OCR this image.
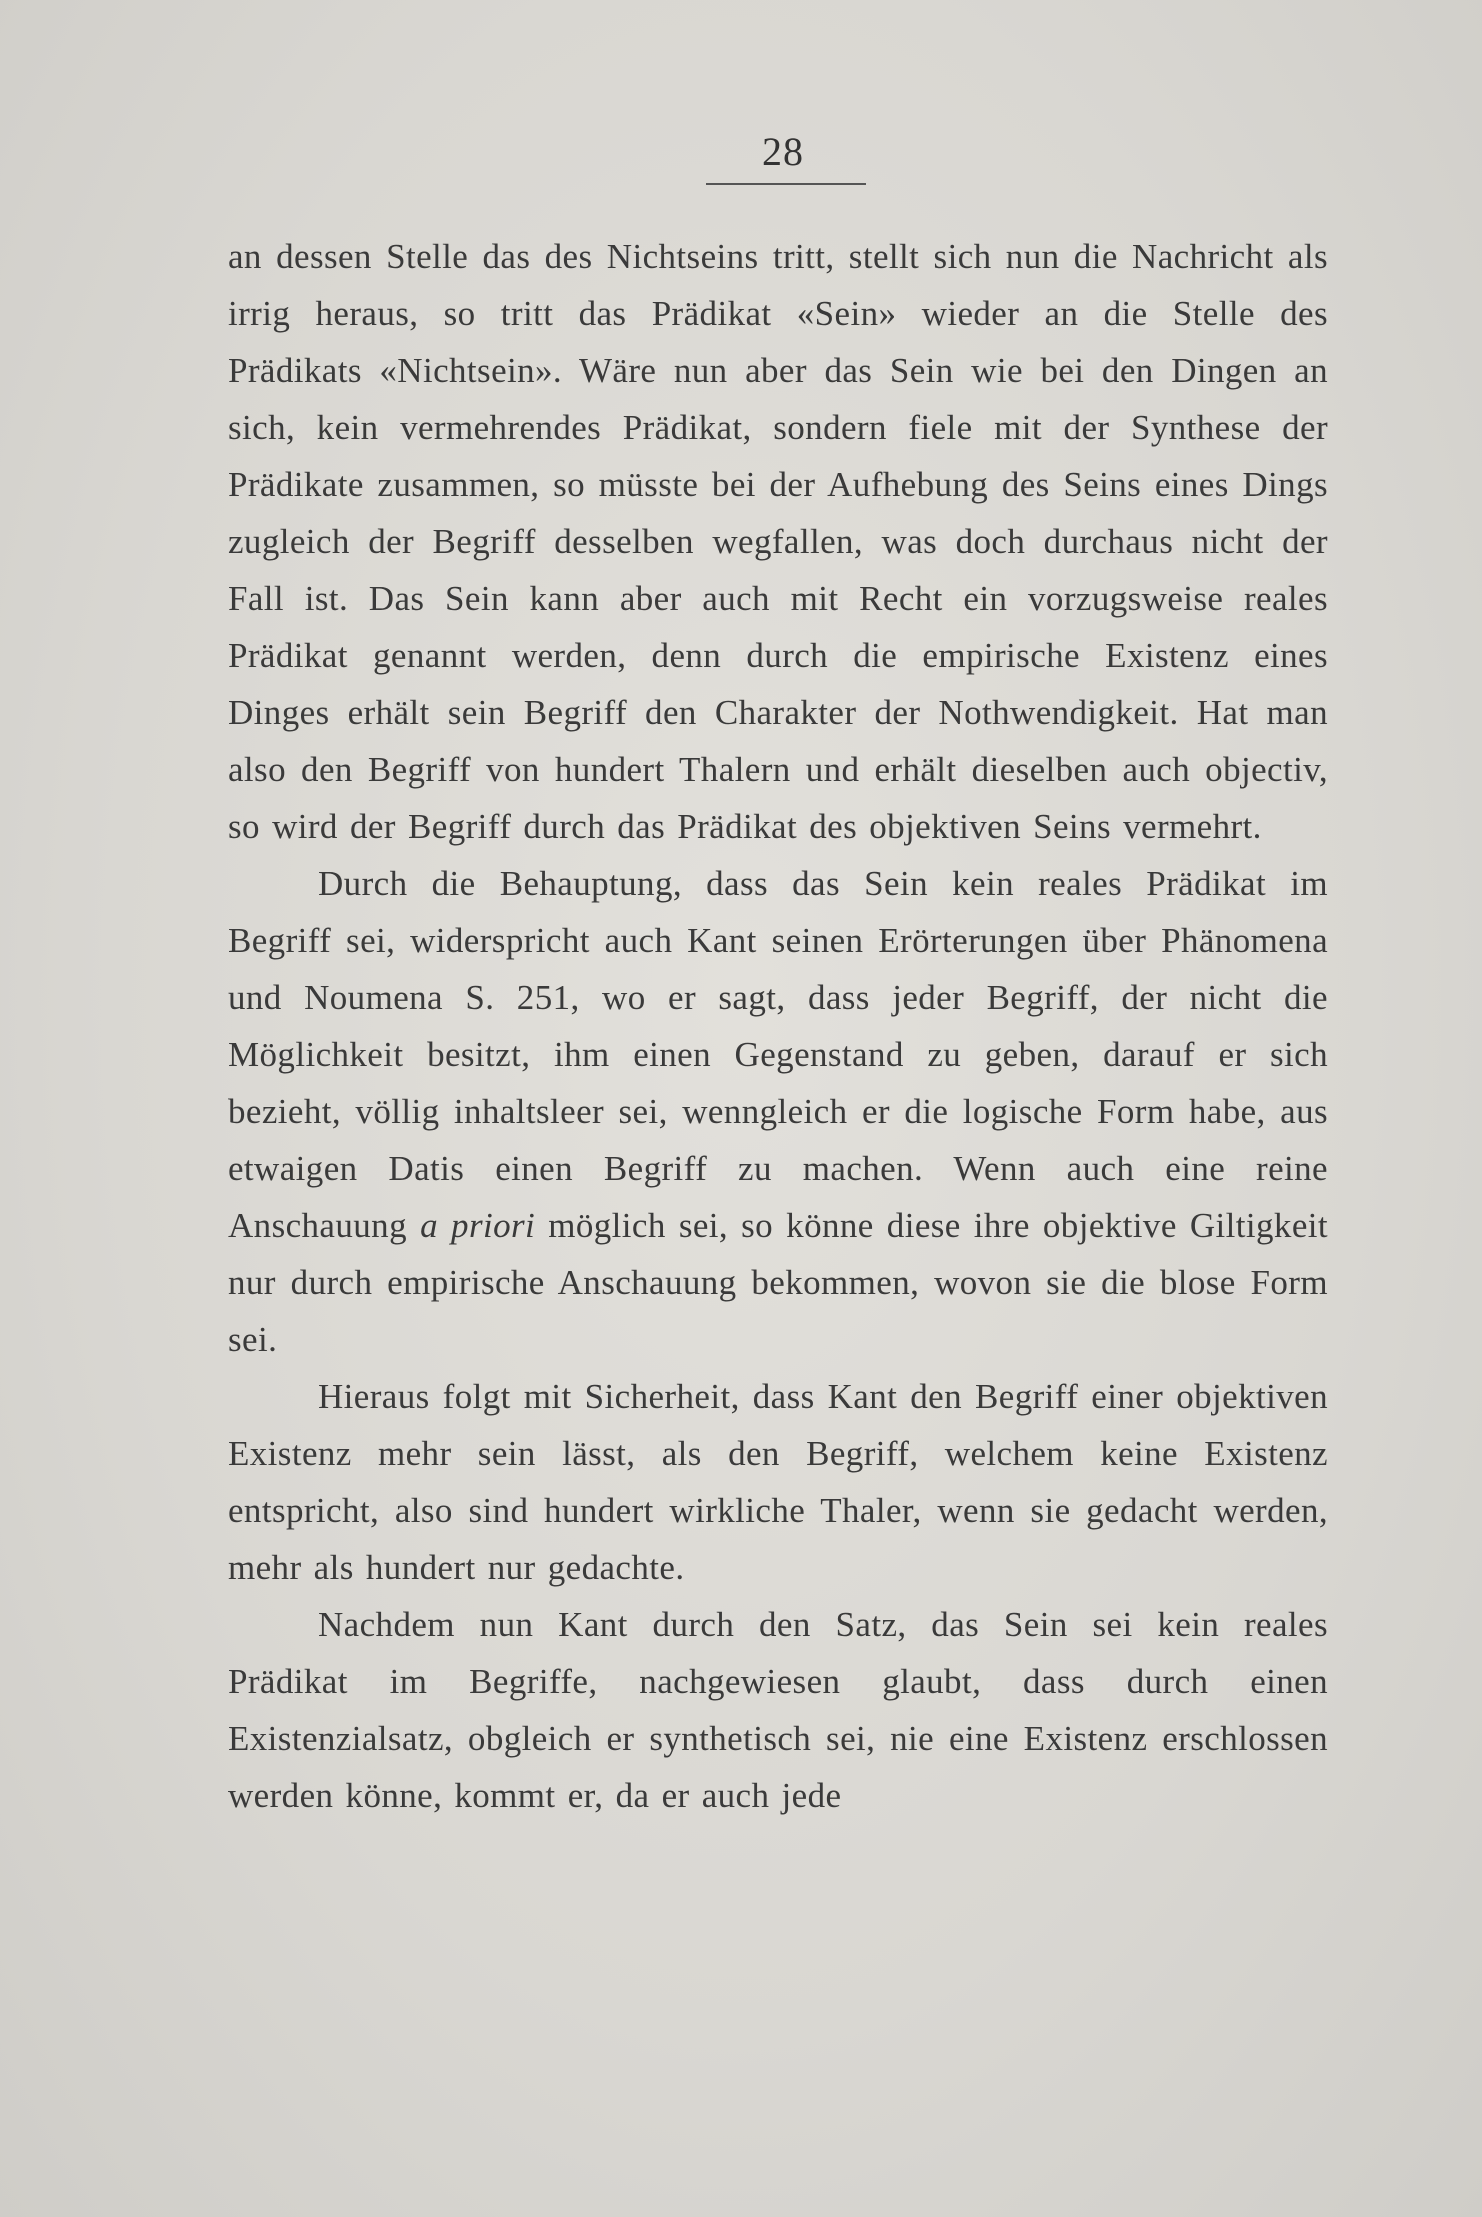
28

an dessen Stelle das des Nichtseins tritt, stellt sich nun die Nachricht als irrig heraus, so tritt das Prädikat «Sein» wieder an die Stelle des Prädikats «Nichtsein». Wäre nun aber das Sein wie bei den Dingen an sich, kein vermehrendes Prädikat, sondern fiele mit der Synthese der Prädikate zusammen, so müsste bei der Aufhebung des Seins eines Dings zugleich der Begriff desselben wegfallen, was doch durchaus nicht der Fall ist. Das Sein kann aber auch mit Recht ein vorzugsweise reales Prädikat genannt werden, denn durch die empirische Existenz eines Dinges erhält sein Begriff den Charakter der Nothwendigkeit. Hat man also den Begriff von hundert Thalern und erhält dieselben auch objectiv, so wird der Begriff durch das Prädikat des objektiven Seins vermehrt.

Durch die Behauptung, dass das Sein kein reales Prädikat im Begriff sei, widerspricht auch Kant seinen Erörterungen über Phänomena und Noumena S. 251, wo er sagt, dass jeder Begriff, der nicht die Möglichkeit besitzt, ihm einen Gegenstand zu geben, darauf er sich bezieht, völlig inhaltsleer sei, wenngleich er die logische Form habe, aus etwaigen Datis einen Begriff zu machen. Wenn auch eine reine Anschauung a priori möglich sei, so könne diese ihre objektive Giltigkeit nur durch empirische Anschauung bekommen, wovon sie die blose Form sei.

Hieraus folgt mit Sicherheit, dass Kant den Begriff einer objektiven Existenz mehr sein lässt, als den Begriff, welchem keine Existenz entspricht, also sind hundert wirkliche Thaler, wenn sie gedacht werden, mehr als hundert nur gedachte.

Nachdem nun Kant durch den Satz, das Sein sei kein reales Prädikat im Begriffe, nachgewiesen glaubt, dass durch einen Existenzialsatz, obgleich er synthetisch sei, nie eine Existenz erschlossen werden könne, kommt er, da er auch jede
